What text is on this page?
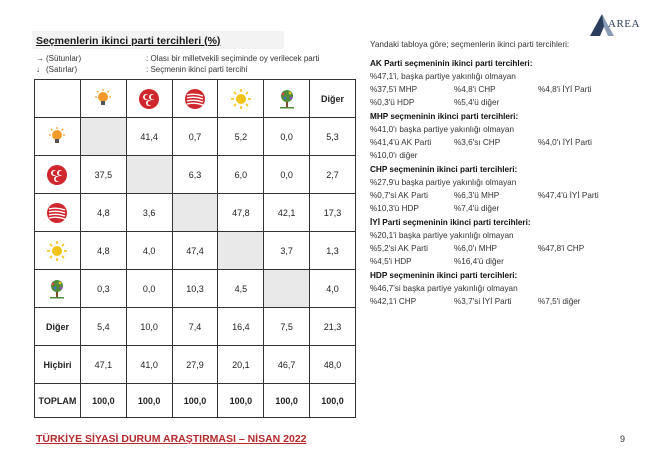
AREA
Seçmenlerin ikinci parti tercihleri (%)
→ (Sütunlar)	: Olası bir milletvekili seçiminde oy verilecek parti
↓ (Satırlar)	: Seçmenin ikinci parti tercihi
						Diğer
		41,4	0,7	5,2	0,0	5,3
	37,5		6,3	6,0	0,0	2,7
	4,8	3,6		47,8	42,1	17,3
	4,8	4,0	47,4		3,7	1,3
	0,3	0,0	10,3	4,5		4,0
Diğer	5,4	10,0	7,4	16,4	7,5	21,3
Hiçbiri	47,1	41,0	27,9	20,1	46,7	48,0
TOPLAM	100,0	100,0	100,0	100,0	100,0	100,0
Yandaki tabloya göre; seçmenlerin ikinci parti tercihleri:
AK Parti seçmeninin ikinci parti tercihleri:
%47,1'i, başka partiye yakınlığı olmayan
%37,5'i MHP	%4,8'i CHP	%4,8'i İYİ Parti
%0,3'ü HDP	%5,4'ü diğer
MHP seçmeninin ikinci parti tercihleri:
%41,0'ı başka partiye yakınlığı olmayan
%41,4'ü AK Parti	%3,6'sı CHP	%4,0'ı İYİ Parti
%10,0'ı diğer
CHP seçmeninin ikinci parti tercihleri:
%27,9'u başka partiye yakınlığı olmayan
%0,7'si AK Parti	%6,3'ü MHP	%47,4'ü İYİ Parti
%10,3'ü HDP	%7,4'ü diğer
İYİ Parti seçmeninin ikinci parti tercihleri:
%20,1'i başka partiye yakınlığı olmayan
%5,2'si AK Parti	%6,0'ı MHP	%47,8'i CHP
%4,5'i HDP	%16,4'ü diğer
HDP seçmeninin ikinci parti tercihleri:
%46,7'si başka partiye yakınlığı olmayan
%42,1'i CHP	%3,7'si İYİ Parti	%7,5'i diğer
TÜRKİYE SİYASİ DURUM ARAŞTIRMASI – NİSAN 2022	9
